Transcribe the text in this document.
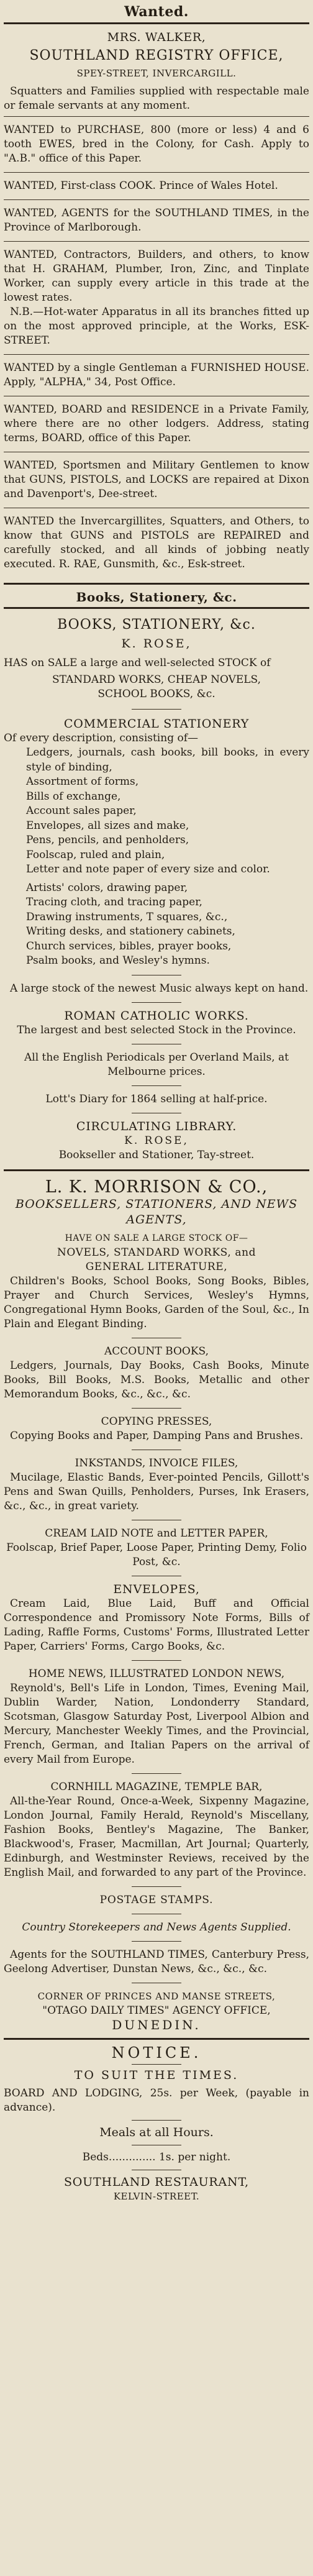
Wanted.

MRS. WALKER,

SOUTHLAND REGISTRY OFFICE,

SPEY-STREET, INVERCARGILL.

Squatters and Families supplied with respectable male or female servants at any moment.

WANTED to PURCHASE, 800 (more or less) 4 and 6 tooth EWES, bred in the Colony, for Cash. Apply to "A.B." office of this Paper.

WANTED, First-class COOK. Prince of Wales Hotel.

WANTED, AGENTS for the SOUTHLAND TIMES, in the Province of Marlborough.

WANTED, Contractors, Builders, and others, to know that H. GRAHAM, Plumber, Iron, Zinc, and Tinplate Worker, can supply every article in this trade at the lowest rates.

N.B.—Hot-water Apparatus in all its branches fitted up on the most approved principle, at the Works, ESK-STREET.

WANTED by a single Gentleman a FURNISHED HOUSE. Apply, "ALPHA," 34, Post Office.

WANTED, BOARD and RESIDENCE in a Private Family, where there are no other lodgers. Address, stating terms, BOARD, office of this Paper.

WANTED, Sportsmen and Military Gentlemen to know that GUNS, PISTOLS, and LOCKS are repaired at Dixon and Davenport's, Dee-street.

WANTED the Invercargillites, Squatters, and Others, to know that GUNS and PISTOLS are REPAIRED and carefully stocked, and all kinds of jobbing neatly executed. R. RAE, Gunsmith, &c., Esk-street.

Books, Stationery, &c.

BOOKS, STATIONERY, &c.

K. ROSE,

HAS on SALE a large and well-selected STOCK of

STANDARD WORKS, CHEAP NOVELS,

SCHOOL BOOKS, &c.

COMMERCIAL STATIONERY

Of every description, consisting of—

Ledgers, journals, cash books, bill books, in every style of binding,
Assortment of forms,
Bills of exchange,
Account sales paper,
Envelopes, all sizes and make,
Pens, pencils, and penholders,
Foolscap, ruled and plain,
Letter and note paper of every size and color.
Artists' colors, drawing paper,
Tracing cloth, and tracing paper,
Drawing instruments, T squares, &c.,
Writing desks, and stationery cabinets,
Church services, bibles, prayer books,
Psalm books, and Wesley's hymns.

A large stock of the newest Music always kept on hand.

ROMAN CATHOLIC WORKS.

The largest and best selected Stock in the Province.

All the English Periodicals per Overland Mails, at Melbourne prices.

Lott's Diary for 1864 selling at half-price.

CIRCULATING LIBRARY.

K. ROSE,

Bookseller and Stationer, Tay-street.

L. K. MORRISON & CO.,

BOOKSELLERS, STATIONERS, AND NEWS AGENTS,

HAVE ON SALE A LARGE STOCK OF—

NOVELS, STANDARD WORKS, and

GENERAL LITERATURE,

Children's Books, School Books, Song Books, Bibles, Prayer and Church Services, Wesley's Hymns, Congregational Hymn Books, Garden of the Soul, &c., In Plain and Elegant Binding.

ACCOUNT BOOKS,

Ledgers, Journals, Day Books, Cash Books, Minute Books, Bill Books, M.S. Books, Metallic and other Memorandum Books, &c., &c., &c.

COPYING PRESSES,

Copying Books and Paper, Damping Pans and Brushes.

INKSTANDS, INVOICE FILES,

Mucilage, Elastic Bands, Ever-pointed Pencils, Gillott's Pens and Swan Quills, Penholders, Purses, Ink Erasers, &c., &c., in great variety.

CREAM LAID NOTE and LETTER PAPER,

Foolscap, Brief Paper, Loose Paper, Printing Demy, Folio Post, &c.

ENVELOPES,

Cream Laid, Blue Laid, Buff and Official Correspondence and Promissory Note Forms, Bills of Lading, Raffle Forms, Customs' Forms, Illustrated Letter Paper, Carriers' Forms, Cargo Books, &c.

HOME NEWS, ILLUSTRATED LONDON NEWS,

Reynold's, Bell's Life in London, Times, Evening Mail, Dublin Warder, Nation, Londonderry Standard, Scotsman, Glasgow Saturday Post, Liverpool Albion and Mercury, Manchester Weekly Times, and the Provincial, French, German, and Italian Papers on the arrival of every Mail from Europe.

CORNHILL MAGAZINE, TEMPLE BAR,

All-the-Year Round, Once-a-Week, Sixpenny Magazine, London Journal, Family Herald, Reynold's Miscellany, Fashion Books, Bentley's Magazine, The Banker, Blackwood's, Fraser, Macmillan, Art Journal; Quarterly, Edinburgh, and Westminster Reviews, received by the English Mail, and forwarded to any part of the Province.

POSTAGE STAMPS.

Country Storekeepers and News Agents Supplied.

Agents for the SOUTHLAND TIMES, Canterbury Press, Geelong Advertiser, Dunstan News, &c., &c., &c.

CORNER OF PRINCES AND MANSE STREETS,

"OTAGO DAILY TIMES" AGENCY OFFICE,

DUNEDIN.

NOTICE.

TO SUIT THE TIMES.

BOARD AND LODGING, 25s. per Week, (payable in advance).

Meals at all Hours.

Beds.............. 1s. per night.

SOUTHLAND RESTAURANT,

KELVIN-STREET.
